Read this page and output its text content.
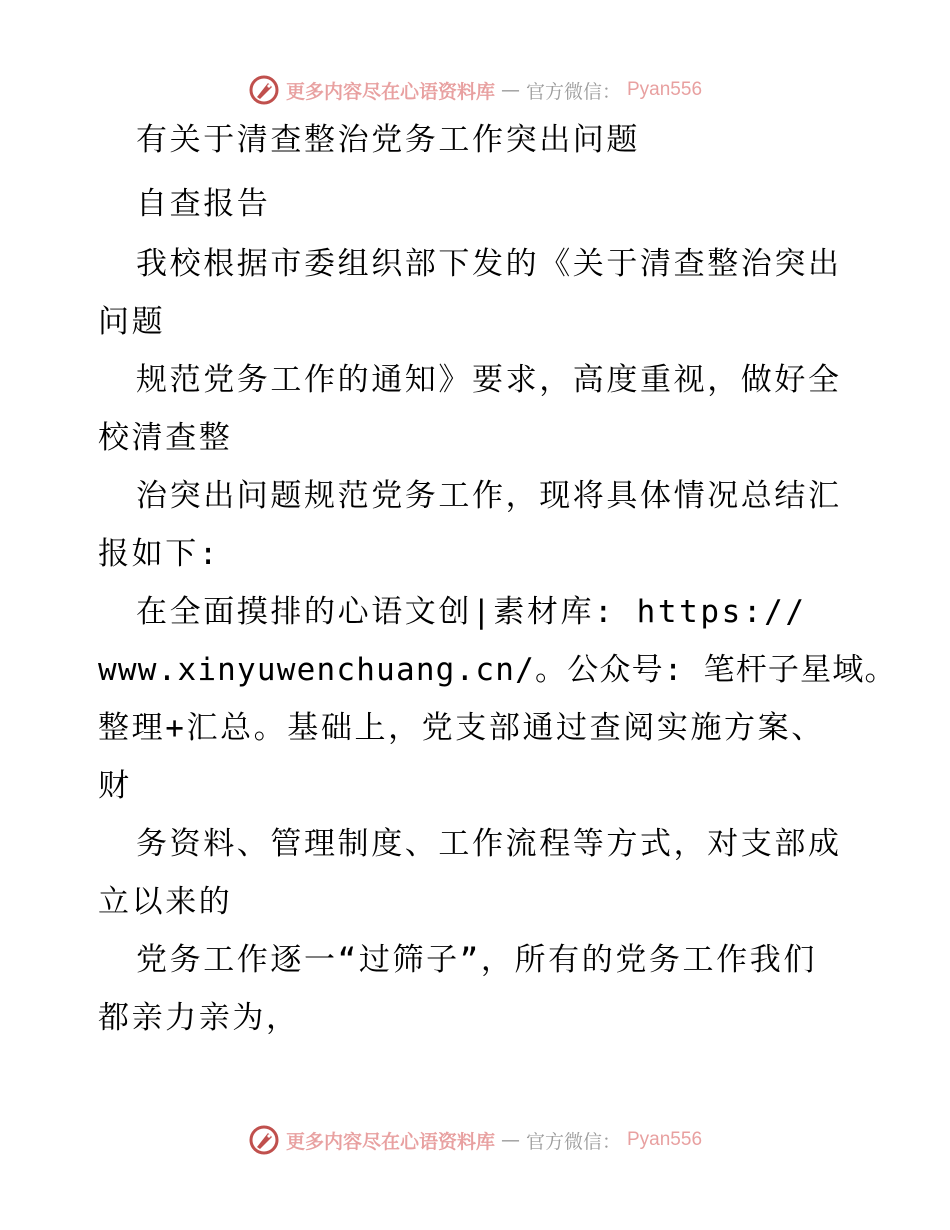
更多内容尽在心语资料库 — 官方微信： Pyan556
有关于清查整治党务工作突出问题
自查报告
我校根据市委组织部下发的《关于清查整治突出
问题
规范党务工作的通知》要求，高度重视，做好全
校清查整
治突出问题规范党务工作，现将具体情况总结汇
报如下:
在全面摸排的心语文创|素材库: https://
www.xinyuwenchuang.cn/。公众号: 笔杆子星域。
整理+汇总。基础上，党支部通过查阅实施方案、
财
务资料、管理制度、工作流程等方式，对支部成
立以来的
党务工作逐一“过筛子”，所有的党务工作我们
都亲力亲为，
更多内容尽在心语资料库 — 官方微信： Pyan556
